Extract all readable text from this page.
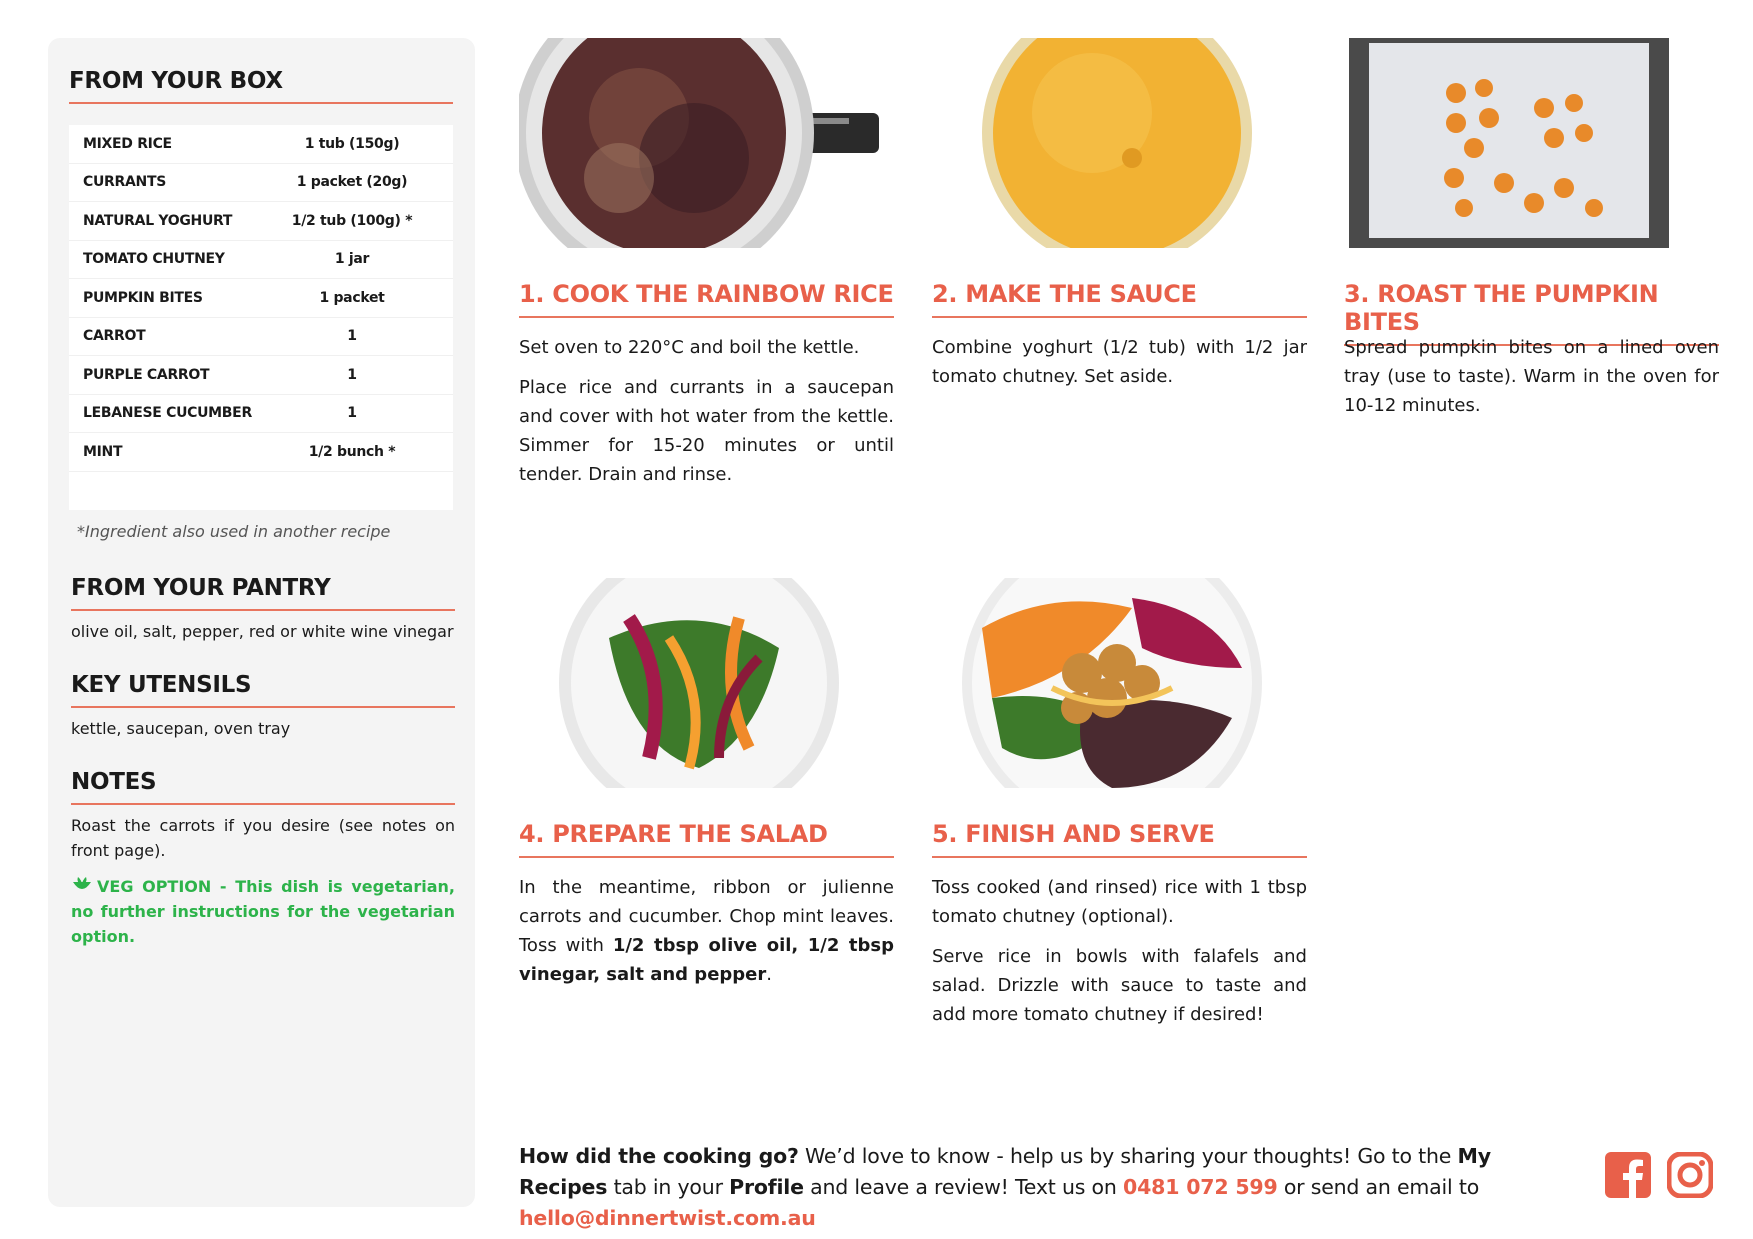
FROM YOUR BOX
MIXED RICE	1 tub (150g)
CURRANTS	1 packet (20g)
NATURAL YOGHURT	1/2 tub (100g) *
TOMATO CHUTNEY	1 jar
PUMPKIN BITES	1 packet
CARROT	1
PURPLE CARROT	1
LEBANESE CUCUMBER	1
MINT	1/2 bunch *
*Ingredient also used in another recipe
FROM YOUR PANTRY
olive oil, salt, pepper, red or white wine vinegar
KEY UTENSILS
kettle, saucepan, oven tray
NOTES
Roast the carrots if you desire (see notes on front page).
VEG OPTION - This dish is vegetarian, no further instructions for the vegetarian option.
1. COOK THE RAINBOW RICE

Set oven to 220°C and boil the kettle.

Place rice and currants in a saucepan and cover with hot water from the kettle. Simmer for 15-20 minutes or until tender. Drain and rinse.

2. MAKE THE SAUCE

Combine yoghurt (1/2 tub) with 1/2 jar tomato chutney. Set aside.

3. ROAST THE PUMPKIN BITES

Spread pumpkin bites on a lined oven tray (use to taste). Warm in the oven for 10-12 minutes.

4. PREPARE THE SALAD

In the meantime, ribbon or julienne carrots and cucumber. Chop mint leaves. Toss with 1/2 tbsp olive oil, 1/2 tbsp vinegar, salt and pepper.

5. FINISH AND SERVE

Toss cooked (and rinsed) rice with 1 tbsp tomato chutney (optional).

Serve rice in bowls with falafels and salad. Drizzle with sauce to taste and add more tomato chutney if desired!

How did the cooking go? We’d love to know - help us by sharing your thoughts! Go to the My Recipes tab in your Profile and leave a review! Text us on 0481 072 599 or send an email to hello@dinnertwist.com.au
